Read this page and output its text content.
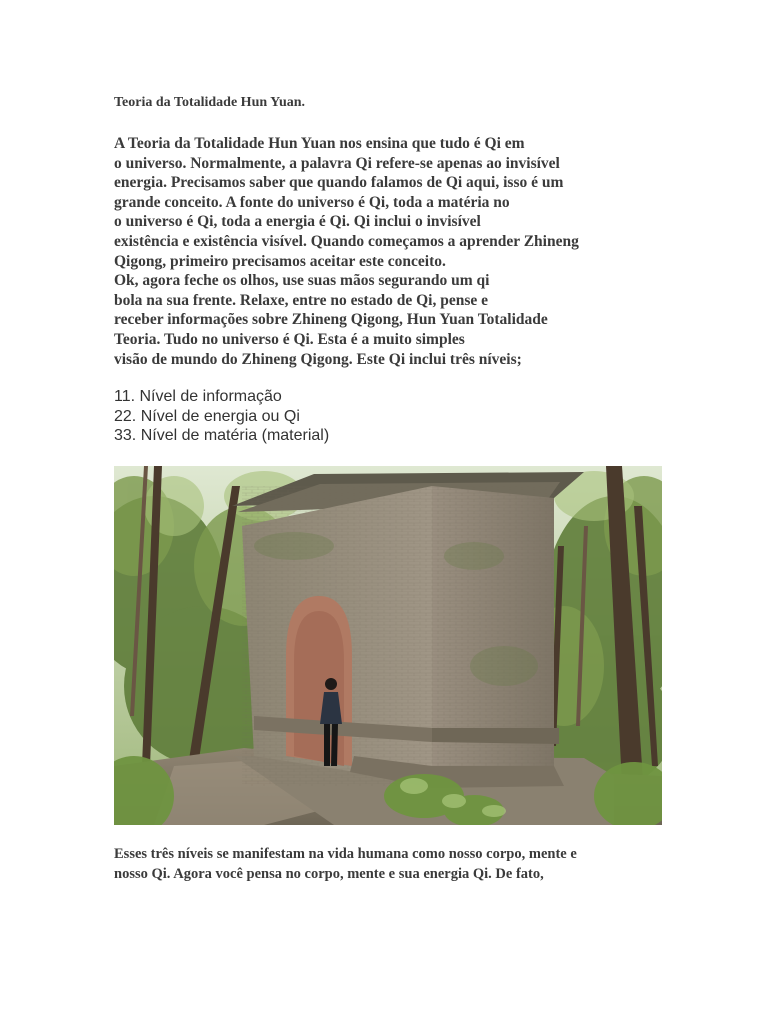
Teoria da Totalidade Hun Yuan.
A Teoria da Totalidade Hun Yuan nos ensina que tudo é Qi em
o universo. Normalmente, a palavra Qi refere-se apenas ao invisível
energia. Precisamos saber que quando falamos de Qi aqui, isso é um
grande conceito. A fonte do universo é Qi, toda a matéria no
o universo é Qi, toda a energia é Qi. Qi inclui o invisível
existência e existência visível. Quando começamos a aprender Zhineng
Qigong, primeiro precisamos aceitar este conceito.
Ok, agora feche os olhos, use suas mãos segurando um qi
bola na sua frente. Relaxe, entre no estado de Qi, pense e
receber informações sobre Zhineng Qigong, Hun Yuan Totalidade
Teoria. Tudo no universo é Qi. Esta é a muito simples
visão de mundo do Zhineng Qigong. Este Qi inclui três níveis;
11. Nível de informação
22. Nível de energia ou Qi
33. Nível de matéria (material)
Esses três níveis se manifestam na vida humana como nosso corpo, mente e
nosso Qi. Agora você pensa no corpo, mente e sua energia Qi. De fato,
